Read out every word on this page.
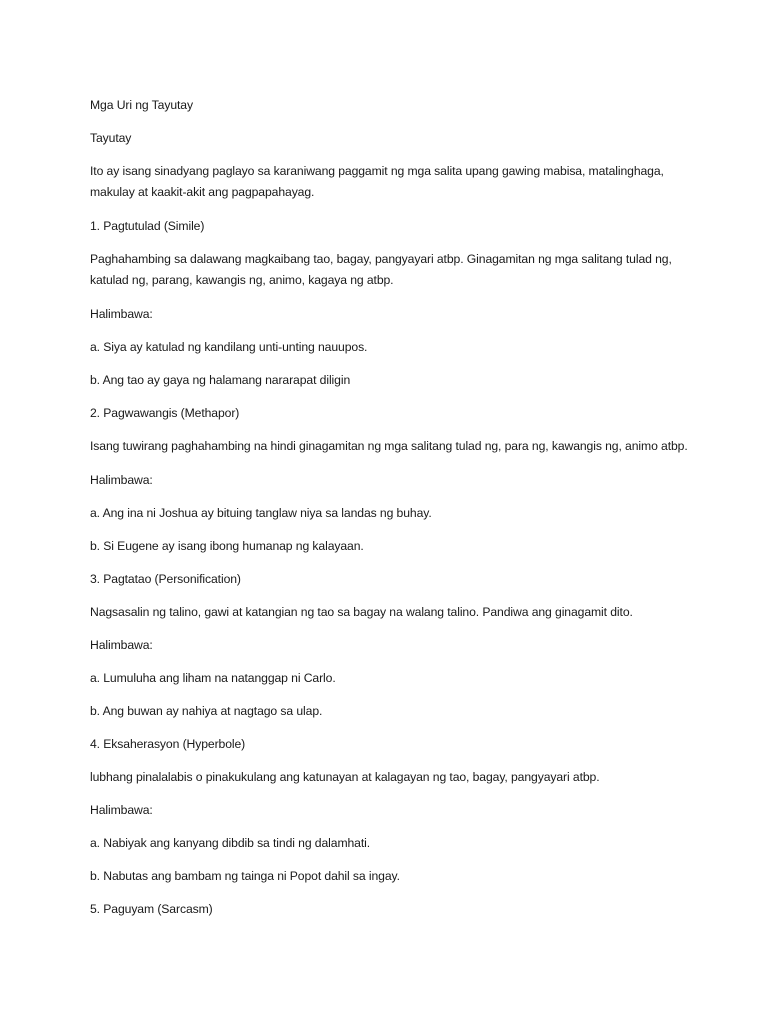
Mga Uri ng Tayutay

Tayutay

Ito ay isang sinadyang paglayo sa karaniwang paggamit ng mga salita upang gawing mabisa, matalinghaga, makulay at kaakit-akit ang pagpapahayag.

1. Pagtutulad (Simile)

Paghahambing sa dalawang magkaibang tao, bagay, pangyayari atbp. Ginagamitan ng mga salitang tulad ng, katulad ng, parang, kawangis ng, animo, kagaya ng atbp.

Halimbawa:

a. Siya ay katulad ng kandilang unti-unting nauupos.

b. Ang tao ay gaya ng halamang nararapat diligin

2. Pagwawangis (Methapor)

Isang tuwirang paghahambing na hindi ginagamitan ng mga salitang tulad ng, para ng, kawangis ng, animo atbp.

Halimbawa:

a. Ang ina ni Joshua ay bituing tanglaw niya sa landas ng buhay.

b. Si Eugene ay isang ibong humanap ng kalayaan.

3. Pagtatao (Personification)

Nagsasalin ng talino, gawi at katangian ng tao sa bagay na walang talino. Pandiwa ang ginagamit dito.

Halimbawa:

a. Lumuluha ang liham na natanggap ni Carlo.

b. Ang buwan ay nahiya at nagtago sa ulap.

4. Eksaherasyon (Hyperbole)

lubhang pinalalabis o pinakukulang ang katunayan at kalagayan ng tao, bagay, pangyayari atbp.

Halimbawa:

a. Nabiyak ang kanyang dibdib sa tindi ng dalamhati.

b. Nabutas ang bambam ng tainga ni Popot dahil sa ingay.

5. Paguyam (Sarcasm)
